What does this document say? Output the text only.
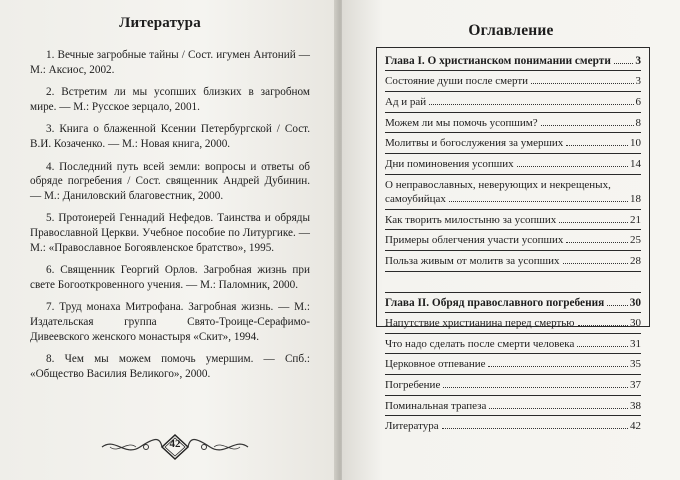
Литература
1. Вечные загробные тайны / Сост. игумен Антоний — М.: Аксиос, 2002.
2. Встретим ли мы усопших близких в загробном мире. — М.: Русское зерцало, 2001.
3. Книга о блаженной Ксении Петербургской / Сост. В.И. Козаченко. — М.: Новая книга, 2000.
4. Последний путь всей земли: вопросы и ответы об обряде погребения / Сост. священник Андрей Дубинин. — М.: Даниловский благовестник, 2000.
5. Протоиерей Геннадий Нефедов. Таинства и обряды Православной Церкви. Учебное пособие по Литургике. — М.: «Православное Богоявленское братство», 1995.
6. Священник Георгий Орлов. Загробная жизнь при свете Богооткровенного учения. — М.: Паломник, 2000.
7. Труд монаха Митрофана. Загробная жизнь. — М.: Издательская группа Свято-Троице-Серафимо-Дивеевского женского монастыря «Скит», 1994.
8. Чем мы можем помочь умершим. — Спб.: «Общество Василия Великого», 2000.
42
Оглавление
Глава I. О христианском понимании смерти 3
Состояние души после смерти	3
Ад и рай	6
Можем ли мы помочь усопшим?	8
Молитвы и богослужения за умерших	10
Дни поминовения усопших	14
О неправославных, неверующих и некрещеных,
самоубийцах	18
Как творить милостыню за усопших	21
Примеры облегчения участи усопших	25
Польза живым от молитв за усопших	28
Глава II. Обряд православного погребения 30
Напутствие христианина перед смертью	30
Что надо сделать после смерти человека	31
Церковное отпевание	35
Погребение	37
Поминальная трапеза	38
Литература	42
